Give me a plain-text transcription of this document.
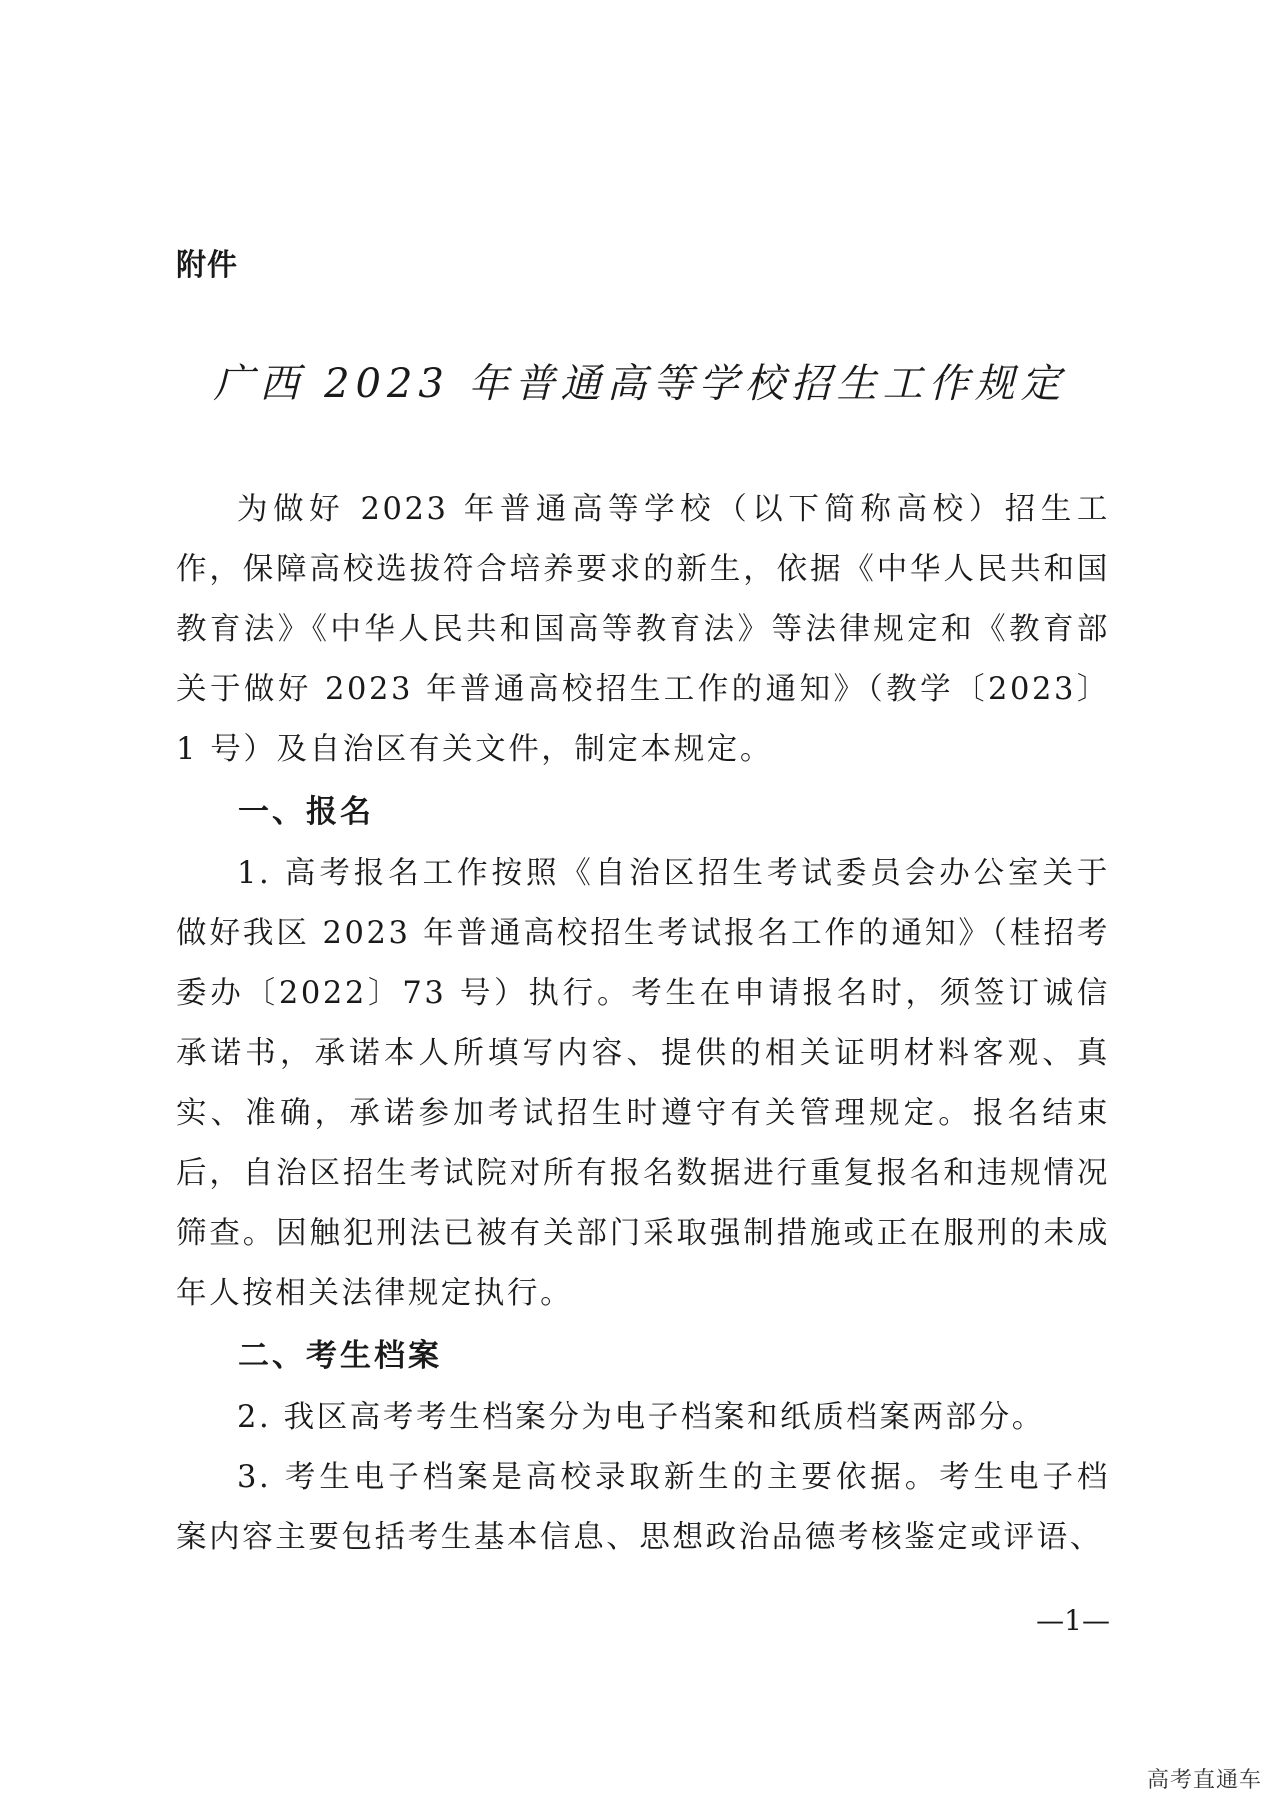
附件
广西 2023 年普通高等学校招生工作规定

为做好 2023 年普通高等学校（以下简称高校）招生工作，保障高校选拔符合培养要求的新生，依据《中华人民共和国教育法》《中华人民共和国高等教育法》等法律规定和《教育部关于做好 2023 年普通高校招生工作的通知》（教学〔2023〕1 号）及自治区有关文件，制定本规定。

一、报名

1. 高考报名工作按照《自治区招生考试委员会办公室关于做好我区 2023 年普通高校招生考试报名工作的通知》（桂招考委办〔2022〕73 号）执行。考生在申请报名时，须签订诚信承诺书，承诺本人所填写内容、提供的相关证明材料客观、真实、准确，承诺参加考试招生时遵守有关管理规定。报名结束后，自治区招生考试院对所有报名数据进行重复报名和违规情况筛查。因触犯刑法已被有关部门采取强制措施或正在服刑的未成年人按相关法律规定执行。

二、考生档案

2. 我区高考考生档案分为电子档案和纸质档案两部分。

3. 考生电子档案是高校录取新生的主要依据。考生电子档案内容主要包括考生基本信息、思想政治品德考核鉴定或评语、

—1—
高考直通车
